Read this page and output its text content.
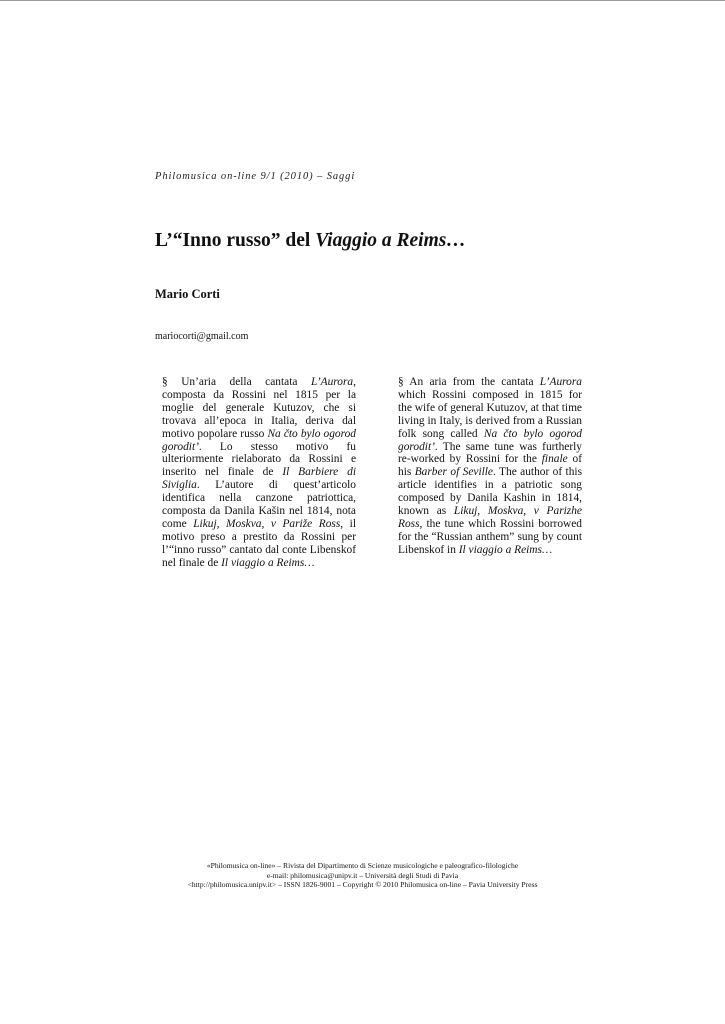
Philomusica on-line 9/1 (2010) – Saggi
L’“Inno russo” del Viaggio a Reims…
Mario Corti
mariocorti@gmail.com

§ Un’aria della cantata L’Aurora, composta da Rossini nel 1815 per la moglie del generale Kutuzov, che si trovava all’epoca in Italia, deriva dal motivo popolare russo Na čto bylo ogorod gorodit’. Lo stesso motivo fu ulteriormente rielaborato da Rossini e inserito nel finale de Il Barbiere di Siviglia. L’autore di quest’articolo identifica nella canzone patriottica, composta da Danila Kašin nel 1814, nota come Likuj, Moskva, v Pariže Ross, il motivo preso a prestito da Rossini per l’“inno russo” cantato dal conte Libenskof nel finale de Il viaggio a Reims…

§ An aria from the cantata L’Aurora which Rossini composed in 1815 for the wife of general Kutuzov, at that time living in Italy, is derived from a Russian folk song called Na čto bylo ogorod gorodit’. The same tune was furtherly re-worked by Rossini for the finale of his Barber of Seville. The author of this article identifies in a patriotic song composed by Danila Kashin in 1814, known as Likuj, Moskva, v Parizhe Ross, the tune which Rossini borrowed for the “Russian anthem” sung by count Libenskof in Il viaggio a Reims…

«Philomusica on-line» – Rivista del Dipartimento di Scienze musicologiche e paleografico-filologiche
e-mail: philomusica@unipv.it – Università degli Studi di Pavia
<http://philomusica.unipv.it> – ISSN 1826-9001 – Copyright © 2010 Philomusica on-line – Pavia University Press
